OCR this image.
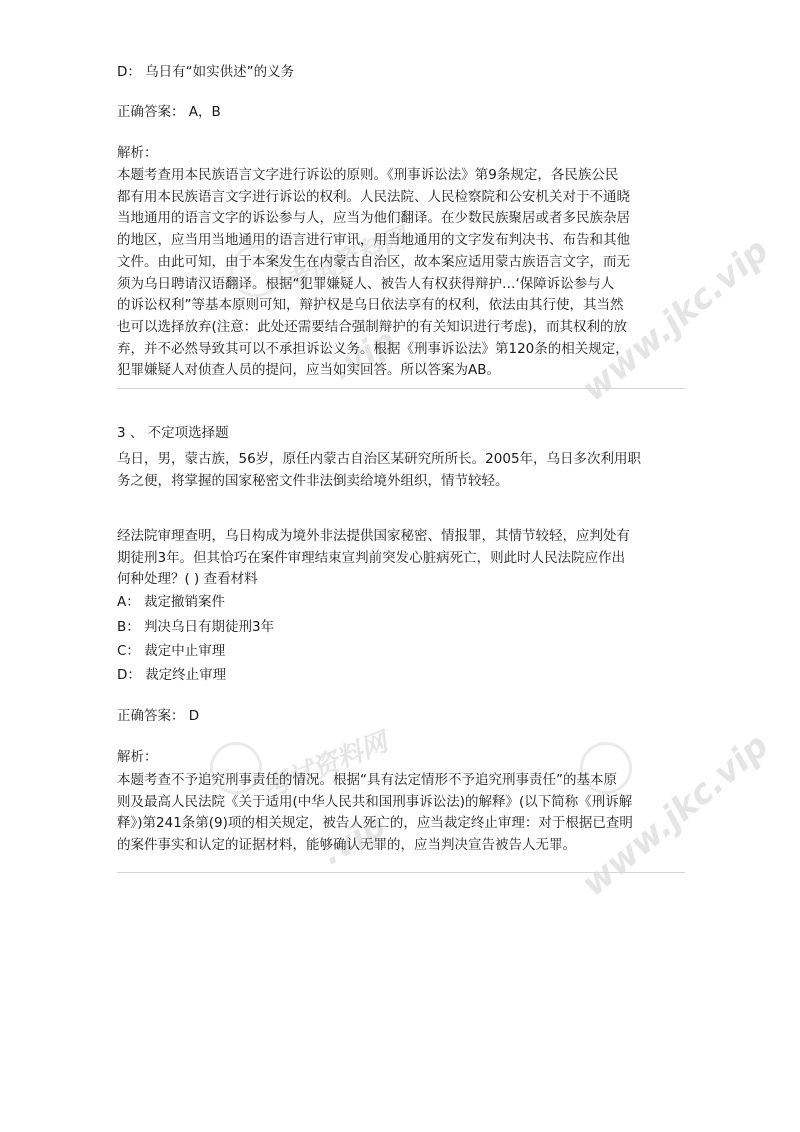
考试资料网	www.jkc.vip
.vip
考试资料网	www.jkc.vip
.vip
D： 乌日有“如实供述”的义务
正确答案： A，B
解析：

本题考查用本民族语言文字进行诉讼的原则。《刑事诉讼法》第9条规定，各民族公民

都有用本民族语言文字进行诉讼的权利。人民法院、人民检察院和公安机关对于不通晓

当地通用的语言文字的诉讼参与人，应当为他们翻译。在少数民族聚居或者多民族杂居

的地区，应当用当地通用的语言进行审讯，用当地通用的文字发布判决书、布告和其他

文件。由此可知，由于本案发生在内蒙古自治区，故本案应适用蒙古族语言文字，而无

须为乌日聘请汉语翻译。根据“犯罪嫌疑人、被告人有权获得辩护…‘保障诉讼参与人

的诉讼权利”等基本原则可知，辩护权是乌日依法享有的权利，依法由其行使，其当然

也可以选择放弃(注意：此处还需要结合强制辩护的有关知识进行考虑)，而其权利的放

弃，并不必然导致其可以不承担诉讼义务。根据《刑事诉讼法》第120条的相关规定，

犯罪嫌疑人对侦查人员的提问，应当如实回答。所以答案为AB。

3 、 不定项选择题

乌日，男，蒙古族，56岁，原任内蒙古自治区某研究所所长。2005年，乌日多次利用职

务之便，将掌握的国家秘密文件非法倒卖给境外组织，情节较轻。

经法院审理查明，乌日构成为境外非法提供国家秘密、情报罪，其情节较轻，应判处有

期徒刑3年。但其恰巧在案件审理结束宣判前突发心脏病死亡，则此时人民法院应作出

何种处理？( ) 查看材料

A： 裁定撤销案件
B： 判决乌日有期徒刑3年
C： 裁定中止审理
D： 裁定终止审理
正确答案： D
解析：

本题考查不予追究刑事责任的情况。根据“具有法定情形不予追究刑事责任”的基本原

则及最高人民法院《关于适用(中华人民共和国刑事诉讼法)的解释》(以下简称《刑诉解

释》)第241条第(9)项的相关规定，被告人死亡的，应当裁定终止审理：对于根据已查明

的案件事实和认定的证据材料，能够确认无罪的，应当判决宣告被告人无罪。
